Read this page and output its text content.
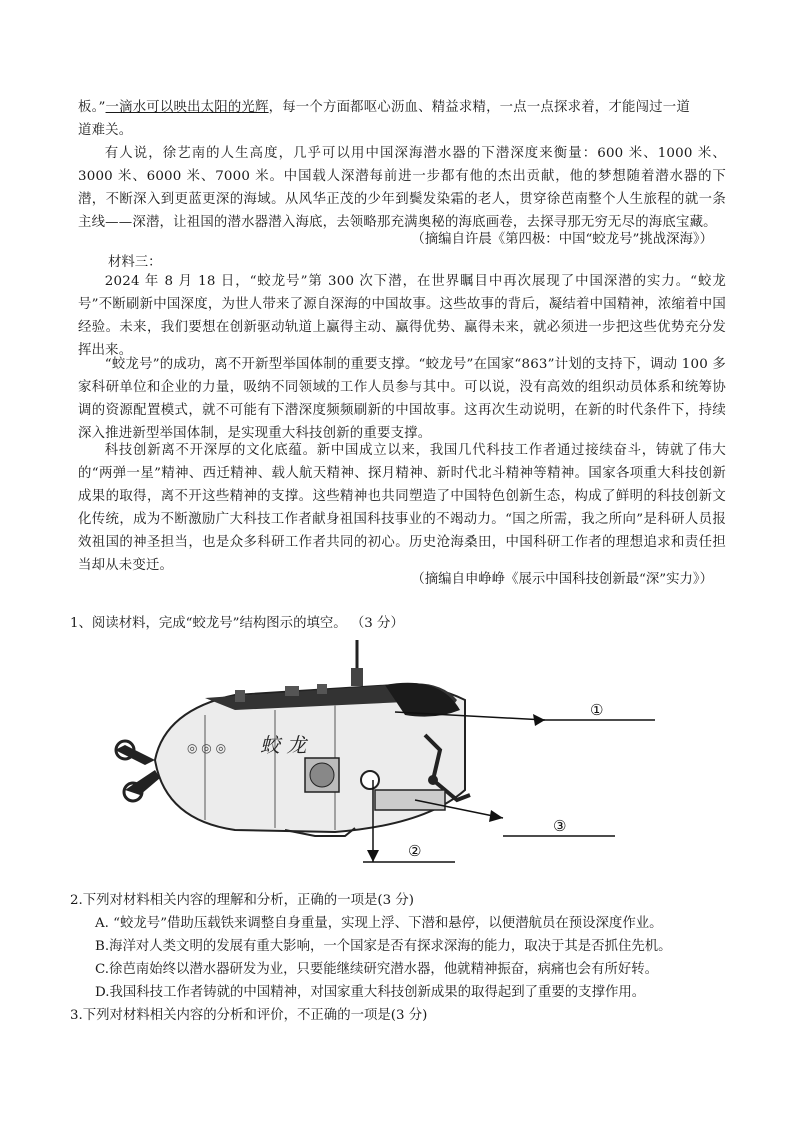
板。”一滴水可以映出太阳的光辉，每一个方面都呕心沥血、精益求精，一点一点探求着，才能闯过一道

道难关。

有人说，徐艺南的人生高度，几乎可以用中国深海潜水器的下潜深度来衡量：600 米、1000 米、3000 米、6000 米、7000 米。中国载人深潜每前进一步都有他的杰出贡献，他的梦想随着潜水器的下潜，不断深入到更蓝更深的海域。从风华正茂的少年到鬓发染霜的老人，贯穿徐芭南整个人生旅程的就一条主线——深潜，让祖国的潜水器潜入海底，去领略那充满奥秘的海底画卷，去探寻那无穷无尽的海底宝藏。

（摘编自许晨《第四极：中国“蛟龙号”挑战深海》）

材料三：

2024 年 8 月 18 日，“蛟龙号”第 300 次下潜，在世界瞩目中再次展现了中国深潜的实力。“蛟龙号”不断刷新中国深度，为世人带来了源自深海的中国故事。这些故事的背后，凝结着中国精神，浓缩着中国经验。未来，我们要想在创新驱动轨道上赢得主动、赢得优势、赢得未来，就必须进一步把这些优势充分发挥出来。

“蛟龙号”的成功，离不开新型举国体制的重要支撑。“蛟龙号”在国家“863”计划的支持下，调动 100 多家科研单位和企业的力量，吸纳不同领域的工作人员参与其中。可以说，没有高效的组织动员体系和统筹协调的资源配置模式，就不可能有下潜深度频频刷新的中国故事。这再次生动说明，在新的时代条件下，持续深入推进新型举国体制，是实现重大科技创新的重要支撑。

科技创新离不开深厚的文化底蕴。新中国成立以来，我国几代科技工作者通过接续奋斗，铸就了伟大的“两弹一星”精神、西迁精神、载人航天精神、探月精神、新时代北斗精神等精神。国家各项重大科技创新成果的取得，离不开这些精神的支撑。这些精神也共同塑造了中国特色创新生态，构成了鲜明的科技创新文化传统，成为不断激励广大科技工作者献身祖国科技事业的不竭动力。“国之所需，我之所向”是科研人员报效祖国的神圣担当，也是众多科研工作者共同的初心。历史沧海桑田，中国科研工作者的理想追求和责任担当却从未变迁。

（摘编自申峥峥《展示中国科技创新最“深”实力》）

1、阅读材料，完成“蛟龙号”结构图示的填空。 （3 分）

蛟 龙
◎ ◎ ◎
①
②
③

2.下列对材料相关内容的理解和分析，正确的一项是(3 分)

A. “蛟龙号”借助压载铁来调整自身重量，实现上浮、下潜和悬停，以便潜航员在预设深度作业。

B.海洋对人类文明的发展有重大影响，一个国家是否有探求深海的能力，取决于其是否抓住先机。

C.徐芭南始终以潜水器研发为业，只要能继续研究潜水器，他就精神振奋，病痛也会有所好转。

D.我国科技工作者铸就的中国精神，对国家重大科技创新成果的取得起到了重要的支撑作用。

3.下列对材料相关内容的分析和评价，不正确的一项是(3 分)
